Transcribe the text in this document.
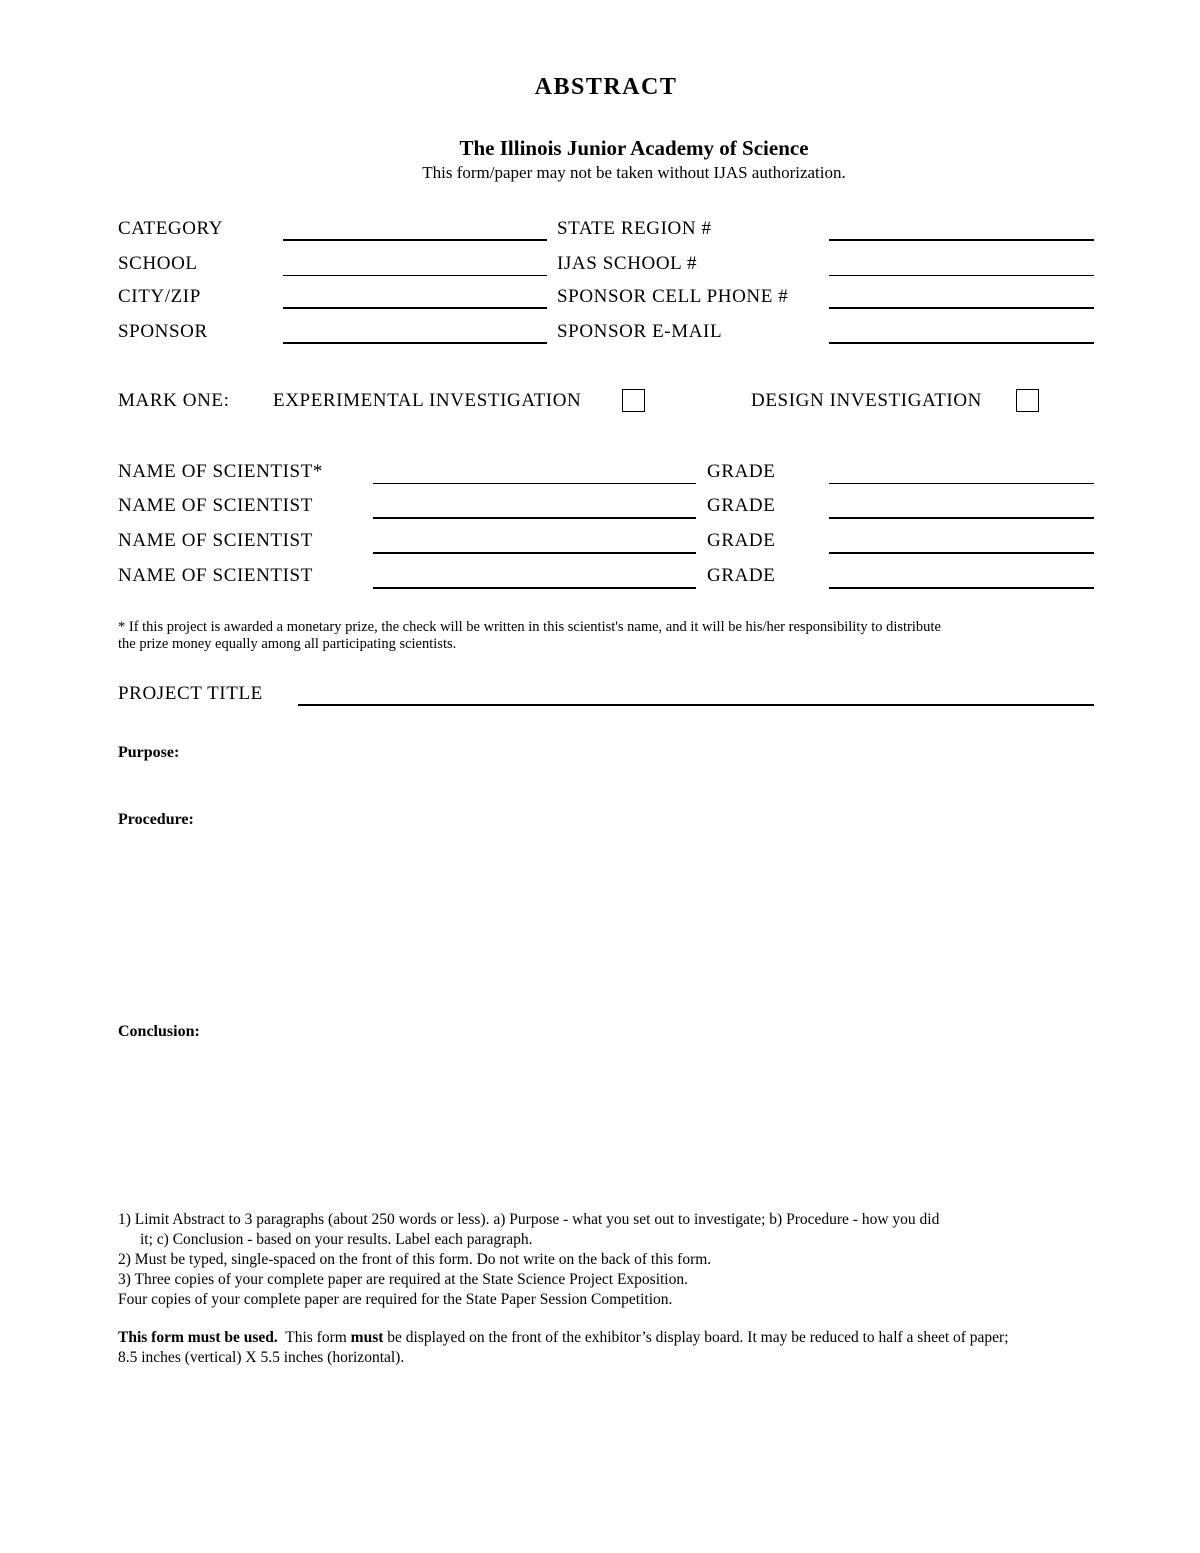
ABSTRACT
The Illinois Junior Academy of Science
This form/paper may not be taken without IJAS authorization.
CATEGORY	STATE REGION #
SCHOOL	IJAS SCHOOL #
CITY/ZIP	SPONSOR CELL PHONE #
SPONSOR	SPONSOR E-MAIL
MARK ONE: EXPERIMENTAL INVESTIGATION	DESIGN INVESTIGATION
NAME OF SCIENTIST*	GRADE
NAME OF SCIENTIST	GRADE
NAME OF SCIENTIST	GRADE
NAME OF SCIENTIST	GRADE
* If this project is awarded a monetary prize, the check will be written in this scientist's name, and it will be his/her responsibility to distribute
the prize money equally among all participating scientists.
PROJECT TITLE
Purpose:
Procedure:
Conclusion:
1) Limit Abstract to 3 paragraphs (about 250 words or less). a) Purpose - what you set out to investigate; b) Procedure - how you did
it; c) Conclusion - based on your results. Label each paragraph.
2) Must be typed, single-spaced on the front of this form. Do not write on the back of this form.
3) Three copies of your complete paper are required at the State Science Project Exposition.
Four copies of your complete paper are required for the State Paper Session Competition.
This form must be used.  This form must be displayed on the front of the exhibitor’s display board. It may be reduced to half a sheet of paper;
8.5 inches (vertical) X 5.5 inches (horizontal).
